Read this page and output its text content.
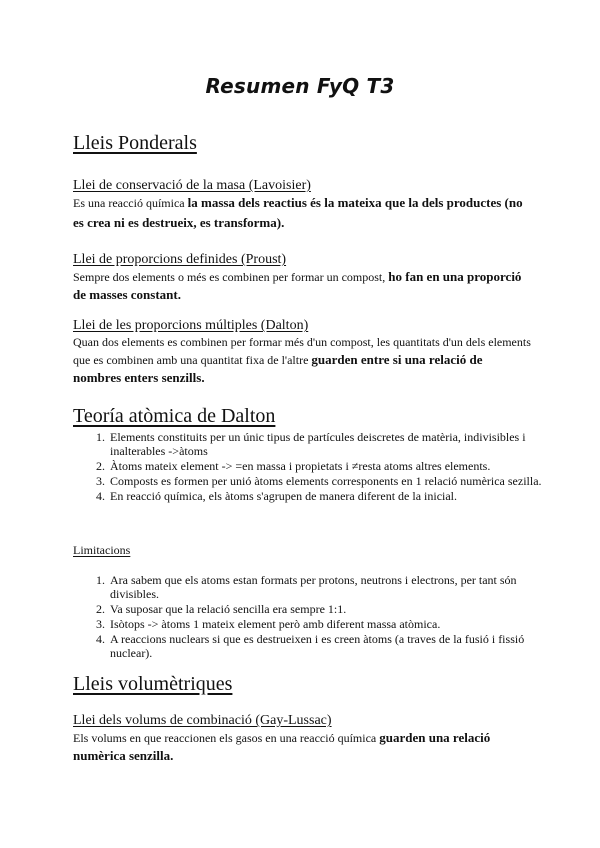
Resumen FyQ T3
Lleis Ponderals
Llei de conservació de la masa (Lavoisier)
Es una reacció química la massa dels reactius és la mateixa que la dels productes (no es crea ni es destrueix, es transforma).
Llei de proporcions definides (Proust)
Sempre dos elements o més es combinen per formar un compost, ho fan en una proporció de masses constant.
Llei de les proporcions múltiples (Dalton)
Quan dos elements es combinen per formar més d'un compost, les quantitats d'un dels elements que es combinen amb una quantitat fixa de l'altre guarden entre si una relació de nombres enters senzills.
Teoría atòmica de Dalton
1. Elements constituits per un únic tipus de partícules deiscretes de matèria, indivisibles i inalterables ->àtoms
2. Àtoms mateix element -> =en massa i propietats i ≠resta atoms altres elements.
3. Composts es formen per unió àtoms elements corresponents en 1 relació numèrica sezilla.
4. En reacció química, els àtoms s'agrupen de manera diferent de la inicial.
Limitacions
1. Ara sabem que els atoms estan formats per protons, neutrons i electrons, per tant són divisibles.
2. Va suposar que la relació sencilla era sempre 1:1.
3. Isòtops -> àtoms 1 mateix element però amb diferent massa atòmica.
4. A reaccions nuclears si que es destrueixen i es creen àtoms (a traves de la fusió i fissió nuclear).
Lleis volumètriques
Llei dels volums de combinació (Gay-Lussac)
Els volums en que reaccionen els gasos en una reacció química guarden una relació numèrica senzilla.
